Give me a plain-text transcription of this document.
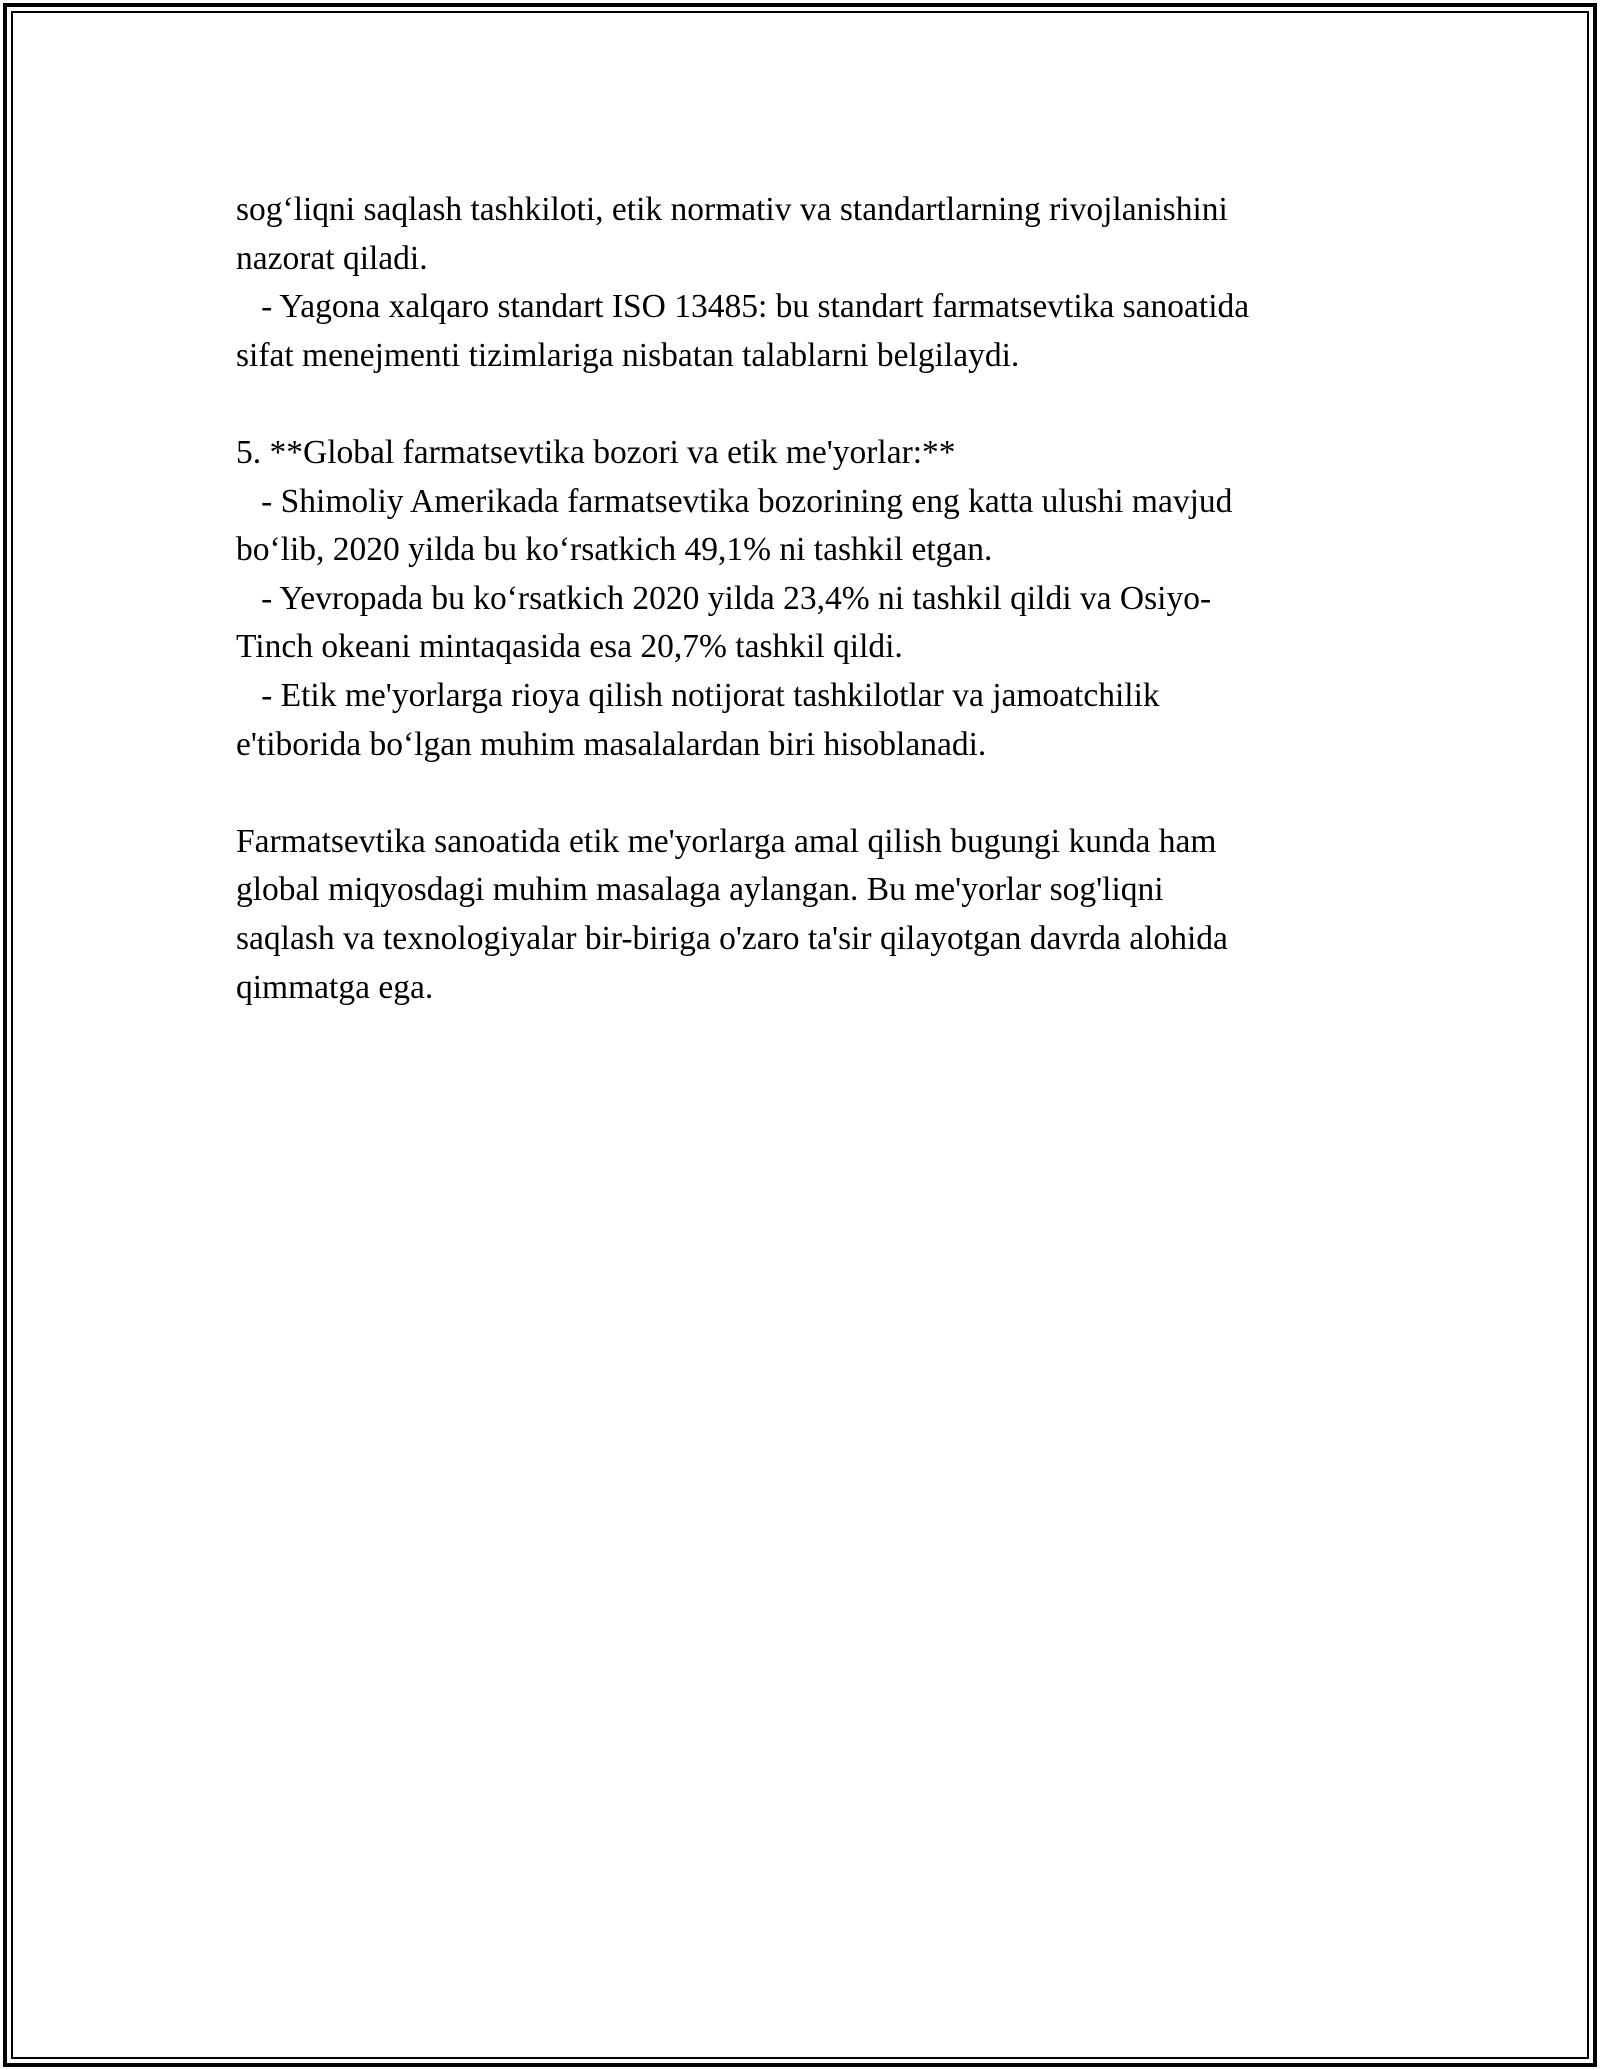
sog‘liqni saqlash tashkiloti, etik normativ va standartlarning rivojlanishini
nazorat qiladi.
- Yagona xalqaro standart ISO 13485: bu standart farmatsevtika sanoatida
sifat menejmenti tizimlariga nisbatan talablarni belgilaydi.
5. **Global farmatsevtika bozori va etik me'yorlar:**
- Shimoliy Amerikada farmatsevtika bozorining eng katta ulushi mavjud
bo‘lib, 2020 yilda bu ko‘rsatkich 49,1% ni tashkil etgan.
- Yevropada bu ko‘rsatkich 2020 yilda 23,4% ni tashkil qildi va Osiyo-
Tinch okeani mintaqasida esa 20,7% tashkil qildi.
- Etik me'yorlarga rioya qilish notijorat tashkilotlar va jamoatchilik
e'tiborida bo‘lgan muhim masalalardan biri hisoblanadi.
Farmatsevtika sanoatida etik me'yorlarga amal qilish bugungi kunda ham
global miqyosdagi muhim masalaga aylangan. Bu me'yorlar sog'liqni
saqlash va texnologiyalar bir-biriga o'zaro ta'sir qilayotgan davrda alohida
qimmatga ega.
